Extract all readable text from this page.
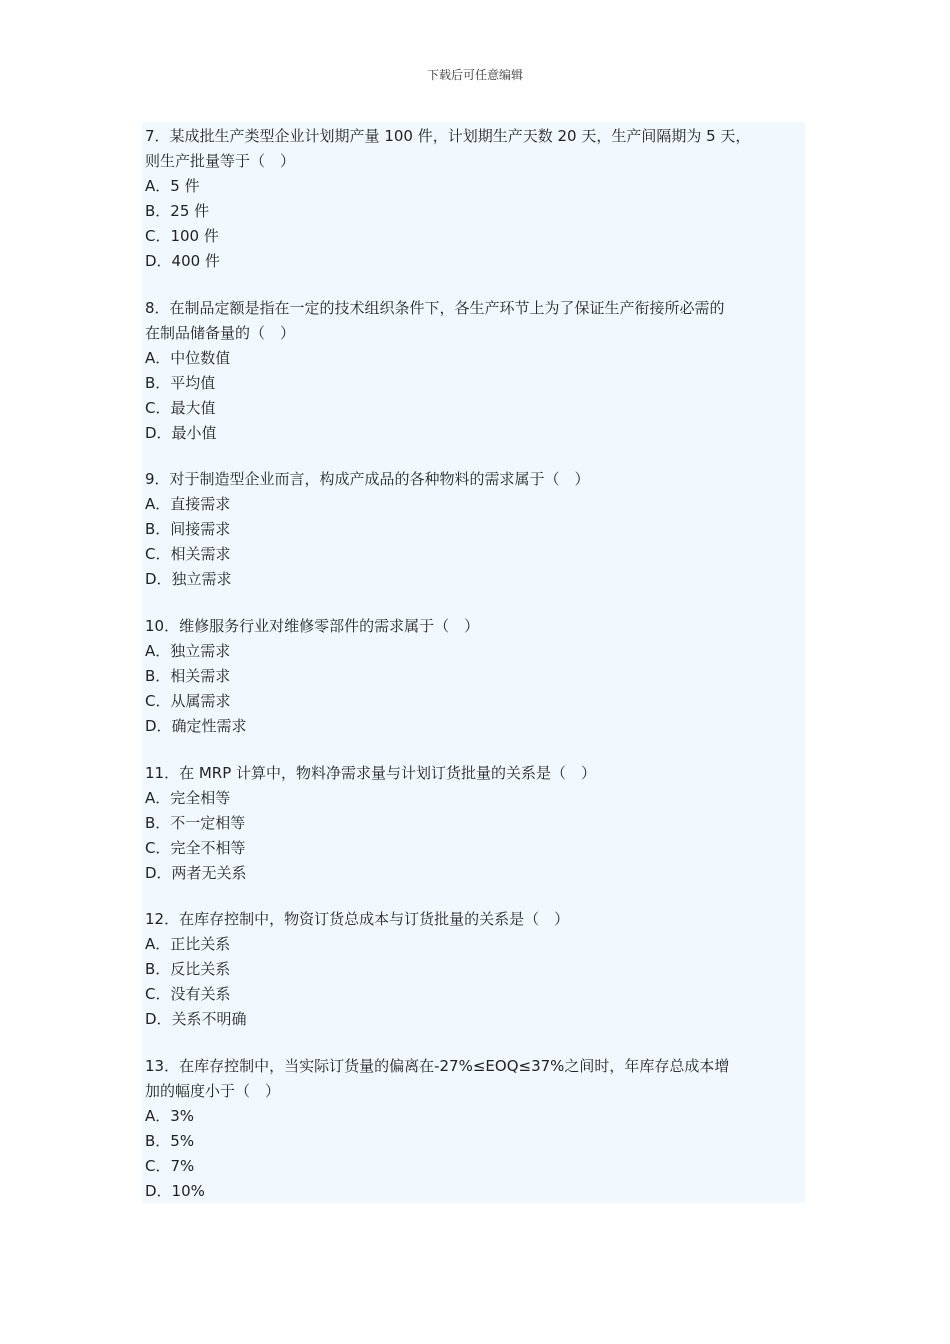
下载后可任意编辑
7．某成批生产类型企业计划期产量 100 件，计划期生产天数 20 天，生产间隔期为 5 天，
则生产批量等于（　）
A．5 件
B．25 件
C．100 件
D．400 件
8．在制品定额是指在一定的技术组织条件下，各生产环节上为了保证生产衔接所必需的
在制品储备量的（　）
A．中位数值
B．平均值
C．最大值
D．最小值
9．对于制造型企业而言，构成产成品的各种物料的需求属于（　）
A．直接需求
B．间接需求
C．相关需求
D．独立需求
10．维修服务行业对维修零部件的需求属于（　）
A．独立需求
B．相关需求
C．从属需求
D．确定性需求
11．在 MRP 计算中，物料净需求量与计划订货批量的关系是（　）
A．完全相等
B．不一定相等
C．完全不相等
D．两者无关系
12．在库存控制中，物资订货总成本与订货批量的关系是（　）
A．正比关系
B．反比关系
C．没有关系
D．关系不明确
13．在库存控制中，当实际订货量的偏离在-27%≤EOQ≤37%之间时，年库存总成本增
加的幅度小于（　）
A．3%
B．5%
C．7%
D．10%
